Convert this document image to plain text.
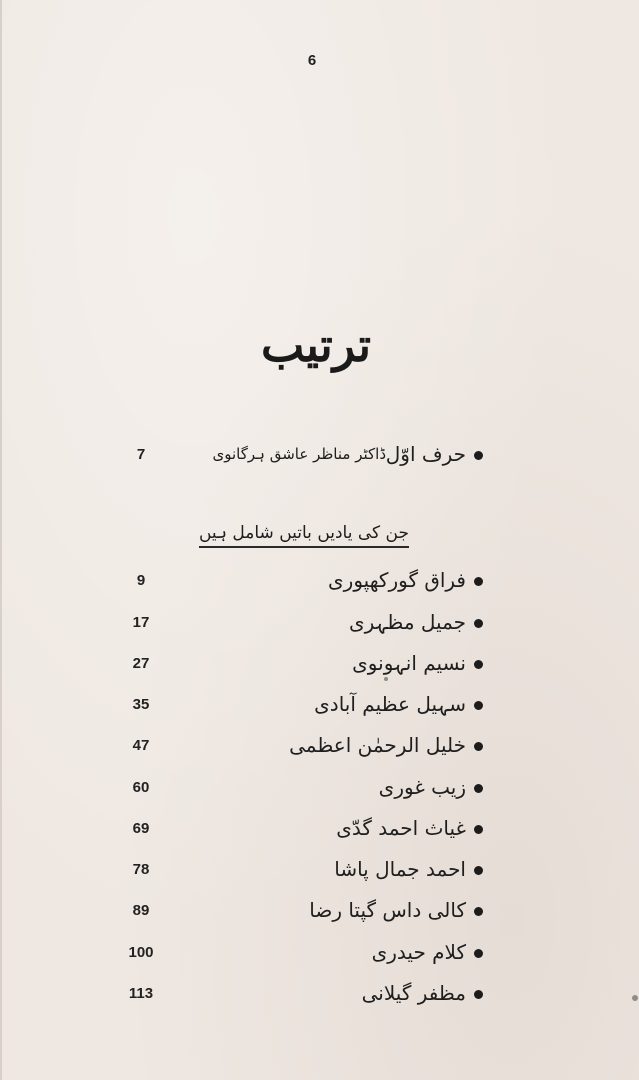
6
ترتیب
حرف اوّل
ڈاکٹر مناظر عاشق ہرگانوی
7
جن کی یادیں باتیں شامل ہیں
فراق گورکھپوری
9
جمیل مظہری
17
نسیم انہونوی
27
سہیل عظیم آبادی
35
خلیل الرحمٰن اعظمی
47
زیب غوری
60
غیاث احمد گدّی
69
احمد جمال پاشا
78
کالی داس گپتا رضا
89
کلام حیدری
100
مظفر گیلانی
113
